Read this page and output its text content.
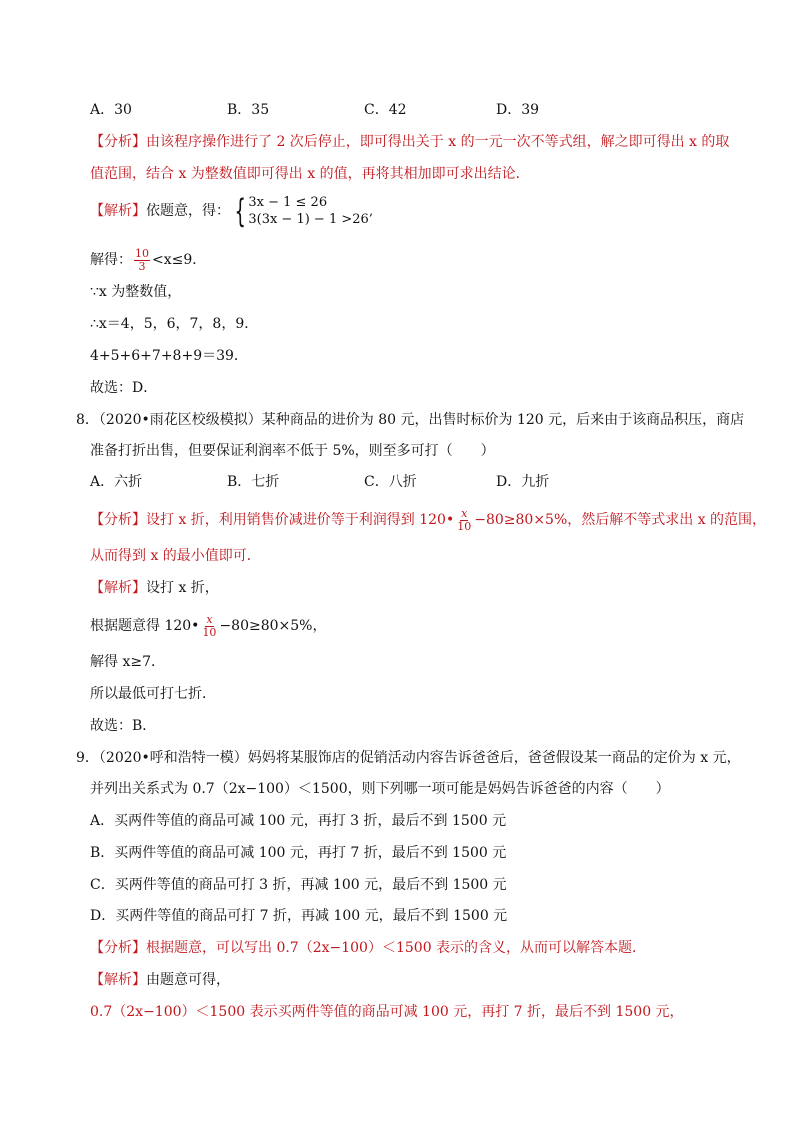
A．30	B．35	C．42	D．39
【分析】由该程序操作进行了 2 次后停止，即可得出关于 x 的一元一次不等式组，解之即可得出 x 的取
值范围，结合 x 为整数值即可得出 x 的值，再将其相加即可求出结论．
【解析】依题意，得： { 3x − 1 ≤ 26
3(3x − 1) − 1 >26’
解得： $\frac{10}{3} <x\le 9$．
∵x 为整数值，
∴x＝4，5，6，7，8，9．
4+5+6+7+8+9＝39．
故选：D．
8．（2020•雨花区校级模拟）某种商品的进价为 80 元，出售时标价为 120 元，后来由于该商品积压，商店
准备打折出售，但要保证利润率不低于 5%，则至多可打（　　）
A．六折	B．七折	C．八折	D．九折
【分析】设打 x 折，利用销售价减进价等于利润得到 120• $\frac{x}{10} -80\ge 80\times 5\%$，然后解不等式求出 x 的范围，
从而得到 x 的最小值即可．
【解析】设打 x 折，
根据题意得 120• $\frac{x}{10} -80\ge 80\times 5\%$，
解得 x≥7．
所以最低可打七折．
故选：B．
9．（2020•呼和浩特一模）妈妈将某服饰店的促销活动内容告诉爸爸后，爸爸假设某一商品的定价为 x 元，
并列出关系式为 0.7（2x−100）＜1500，则下列哪一项可能是妈妈告诉爸爸的内容（　　）
A．买两件等值的商品可减 100 元，再打 3 折，最后不到 1500 元
B．买两件等值的商品可减 100 元，再打 7 折，最后不到 1500 元
C．买两件等值的商品可打 3 折，再减 100 元，最后不到 1500 元
D．买两件等值的商品可打 7 折，再减 100 元，最后不到 1500 元
【分析】根据题意，可以写出 0.7（2x−100）＜1500 表示的含义，从而可以解答本题．
【解析】由题意可得，
0.7（2x−100）＜1500 表示买两件等值的商品可减 100 元，再打 7 折，最后不到 1500 元，
